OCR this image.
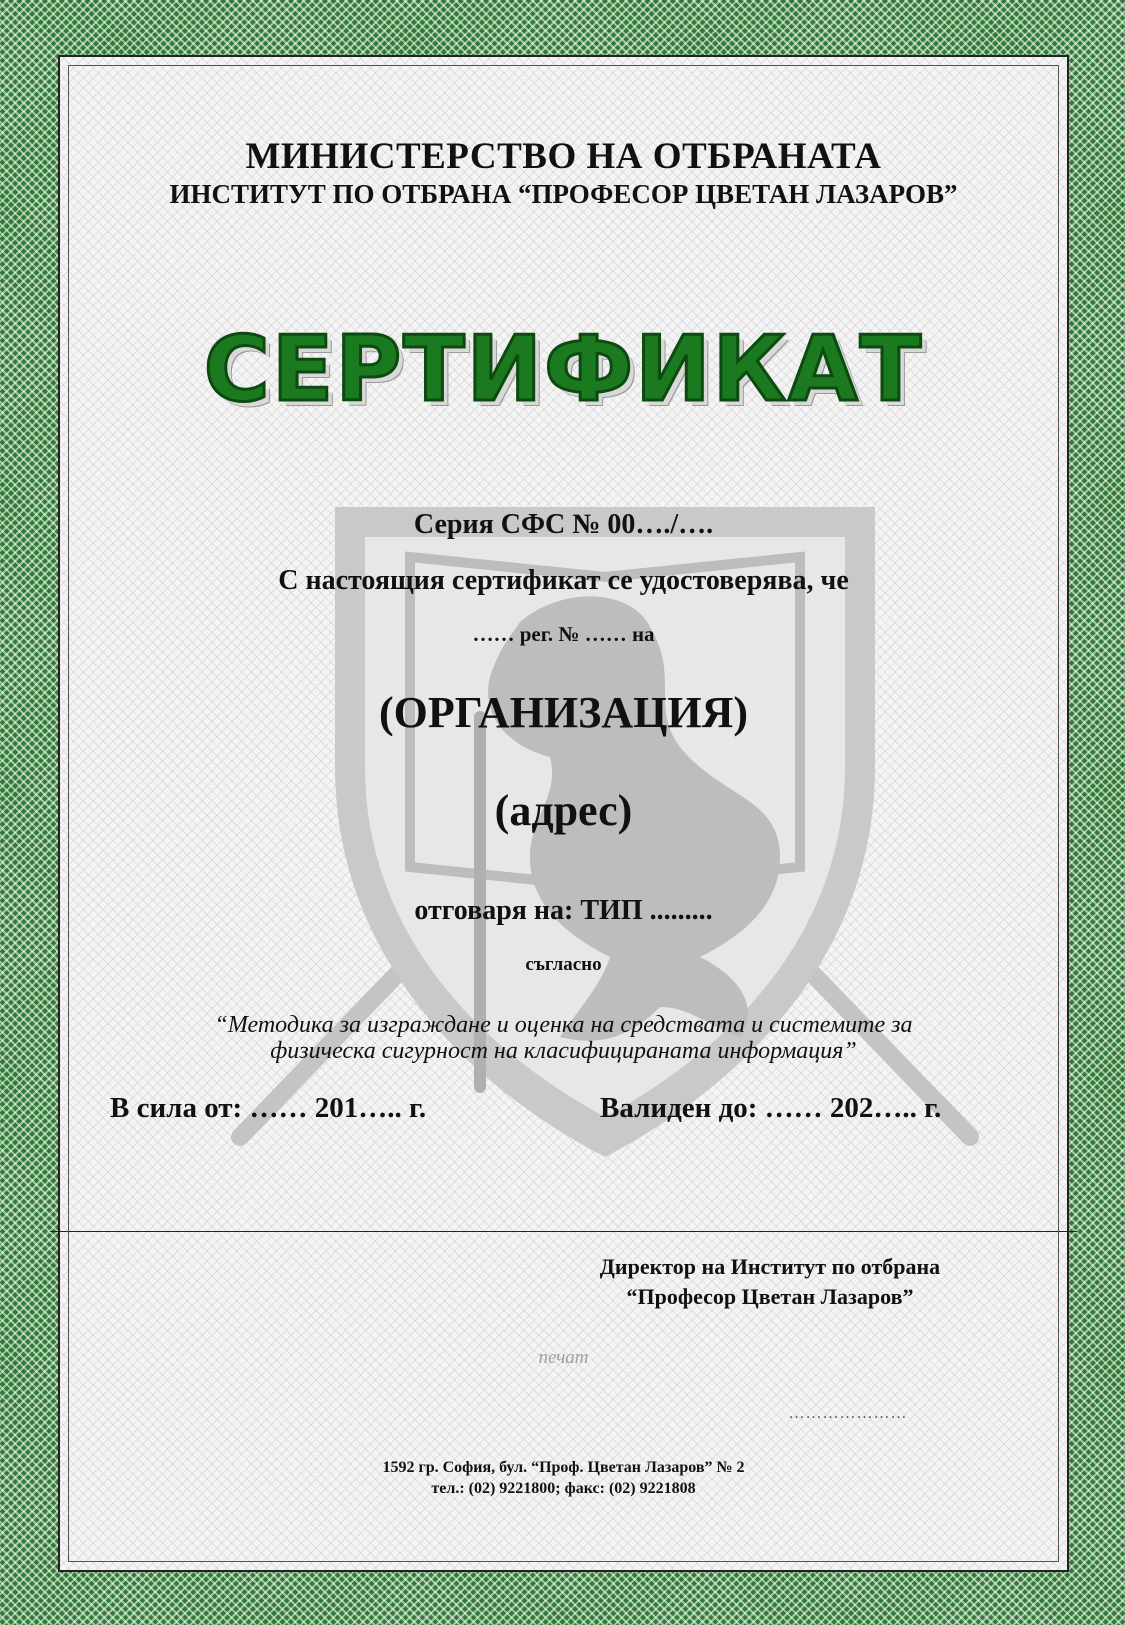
МИНИСТЕРСТВО НА ОТБРАНАТА
ИНСТИТУТ ПО ОТБРАНА “ПРОФЕСОР ЦВЕТАН ЛАЗАРОВ”
СЕРТИФИКАТ
Серия СФС № 00…./….
С настоящия сертификат се удостоверява, че
…… рег. № …… на
(ОРГАНИЗАЦИЯ)
(адрес)
отговаря на: ТИП .........
съгласно
“Методика за изграждане и оценка на средствата и системите за
физическа сигурност на класифицираната информация”
В сила от: …… 201….. г.	Валиден до: …… 202….. г.
Директор на Институт по отбрана
“Професор Цветан Лазаров”
печат
…………………
1592 гр. София, бул. “Проф. Цветан Лазаров” № 2
тел.: (02) 9221800; факс: (02) 9221808
